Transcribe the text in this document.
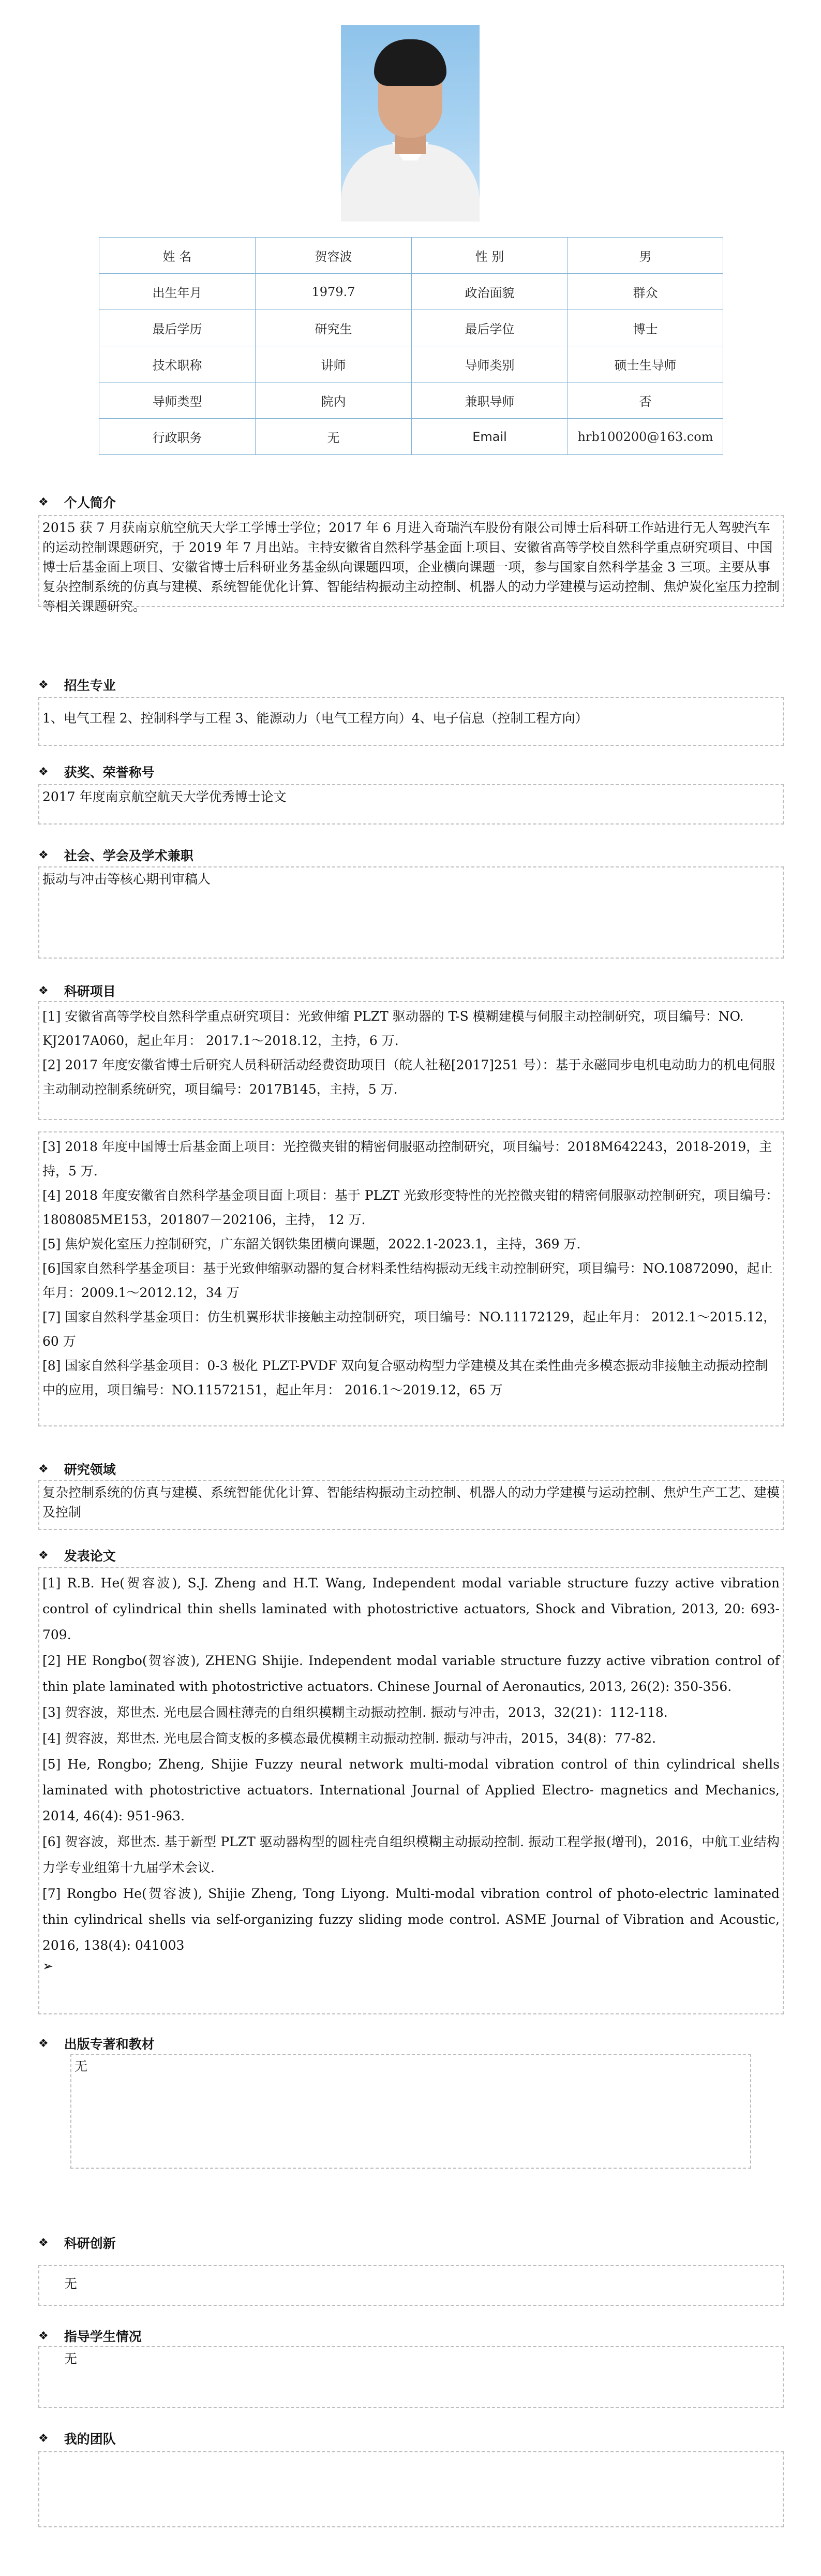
姓 名	贺容波	性 别	男
出生年月	1979.7	政治面貌	群众
最后学历	研究生	最后学位	博士
技术职称	讲师	导师类别	硕士生导师
导师类型	院内	兼职导师	否
行政职务	无	Email	hrb100200@163.com
❖ 个人简介
2015 获 7 月获南京航空航天大学工学博士学位；2017 年 6 月进入奇瑞汽车股份有限公司博士后科研工作站进行无人驾驶汽车的运动控制课题研究，于 2019 年 7 月出站。主持安徽省自然科学基金面上项目、安徽省高等学校自然科学重点研究项目、中国博士后基金面上项目、安徽省博士后科研业务基金纵向课题四项，企业横向课题一项，参与国家自然科学基金 3 三项。主要从事复杂控制系统的仿真与建模、系统智能优化计算、智能结构振动主动控制、机器人的动力学建模与运动控制、焦炉炭化室压力控制等相关课题研究。
❖ 招生专业
1、电气工程 2、控制科学与工程 3、能源动力（电气工程方向）4、电子信息（控制工程方向）
❖ 获奖、荣誉称号
2017 年度南京航空航天大学优秀博士论文
❖ 社会、学会及学术兼职
振动与冲击等核心期刊审稿人
❖ 科研项目

[1] 安徽省高等学校自然科学重点研究项目：光致伸缩 PLZT 驱动器的 T-S 模糊建模与伺服主动控制研究，项目编号：NO. KJ2017A060，起止年月： 2017.1～2018.12，主持，6 万.

[2] 2017 年度安徽省博士后研究人员科研活动经费资助项目（皖人社秘[2017]251 号）：基于永磁同步电机电动助力的机电伺服主动制动控制系统研究，项目编号：2017B145，主持，5 万.

[3] 2018 年度中国博士后基金面上项目：光控微夹钳的精密伺服驱动控制研究，项目编号：2018M642243，2018-2019，主持，5 万.

[4] 2018 年度安徽省自然科学基金项目面上项目：基于 PLZT 光致形变特性的光控微夹钳的精密伺服驱动控制研究，项目编号：1808085ME153，201807－202106，主持， 12 万.

[5] 焦炉炭化室压力控制研究，广东韶关钢铁集团横向课题，2022.1-2023.1，主持，369 万.

[6]国家自然科学基金项目：基于光致伸缩驱动器的复合材料柔性结构振动无线主动控制研究，项目编号：NO.10872090，起止年月：2009.1～2012.12，34 万

[7] 国家自然科学基金项目：仿生机翼形状非接触主动控制研究，项目编号：NO.11172129，起止年月： 2012.1～2015.12，60 万

[8] 国家自然科学基金项目：0-3 极化 PLZT-PVDF 双向复合驱动构型力学建模及其在柔性曲壳多模态振动非接触主动振动控制中的应用，项目编号：NO.11572151，起止年月： 2016.1～2019.12，65 万

❖ 研究领域
复杂控制系统的仿真与建模、系统智能优化计算、智能结构振动主动控制、机器人的动力学建模与运动控制、焦炉生产工艺、建模及控制
❖ 发表论文

[1] R.B. He(贺容波), S.J. Zheng and H.T. Wang, Independent modal variable structure fuzzy active vibration control of cylindrical thin shells laminated with photostrictive actuators, Shock and Vibration, 2013, 20: 693-709.

[2] HE Rongbo(贺容波), ZHENG Shijie. Independent modal variable structure fuzzy active vibration control of thin plate laminated with photostrictive actuators. Chinese Journal of Aeronautics, 2013, 26(2): 350-356.

[3] 贺容波，郑世杰. 光电层合圆柱薄壳的自组织模糊主动振动控制. 振动与冲击，2013，32(21)：112-118.

[4] 贺容波，郑世杰. 光电层合简支板的多模态最优模糊主动振动控制. 振动与冲击，2015，34(8)：77-82.

[5] He, Rongbo; Zheng, Shijie Fuzzy neural network multi-modal vibration control of thin cylindrical shells laminated with photostrictive actuators. International Journal of Applied Electro- magnetics and Mechanics, 2014, 46(4): 951-963.

[6] 贺容波，郑世杰. 基于新型 PLZT 驱动器构型的圆柱壳自组织模糊主动振动控制. 振动工程学报(增刊)，2016，中航工业结构力学专业组第十九届学术会议.

[7] Rongbo He(贺容波), Shijie Zheng, Tong Liyong. Multi-modal vibration control of photo-electric laminated thin cylindrical shells via self-organizing fuzzy sliding mode control. ASME Journal of Vibration and Acoustic, 2016, 138(4): 041003

➢

❖ 出版专著和教材
无
❖ 科研创新
无
❖ 指导学生情况
无
❖ 我的团队
